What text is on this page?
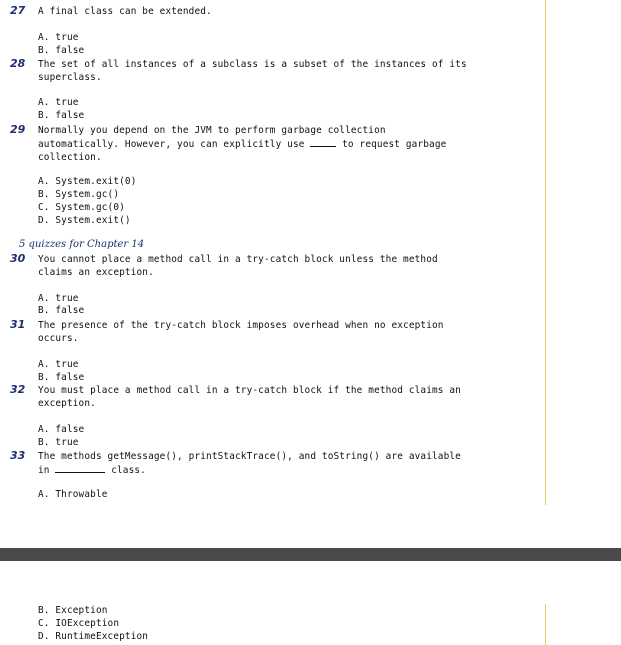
27 A final class can be extended.
A. true
B. false
28 The set of all instances of a subclass is a subset of the instances of its
superclass.
A. true
B. false
29 Normally you depend on the JVM to perform garbage collection
automatically. However, you can explicitly use	to request garbage
collection.
A. System.exit(0)
B. System.gc()
C. System.gc(0)
D. System.exit()
5 quizzes for Chapter 14
30 You cannot place a method call in a try-catch block unless the method
claims an exception.
A. true
B. false
31 The presence of the try-catch block imposes overhead when no exception
occurs.
A. true
B. false
32 You must place a method call in a try-catch block if the method claims an
exception.
A. false
B. true
33 The methods getMessage(), printStackTrace(), and toString() are available
in	class.
A. Throwable
B. Exception
C. IOException
D. RuntimeException
